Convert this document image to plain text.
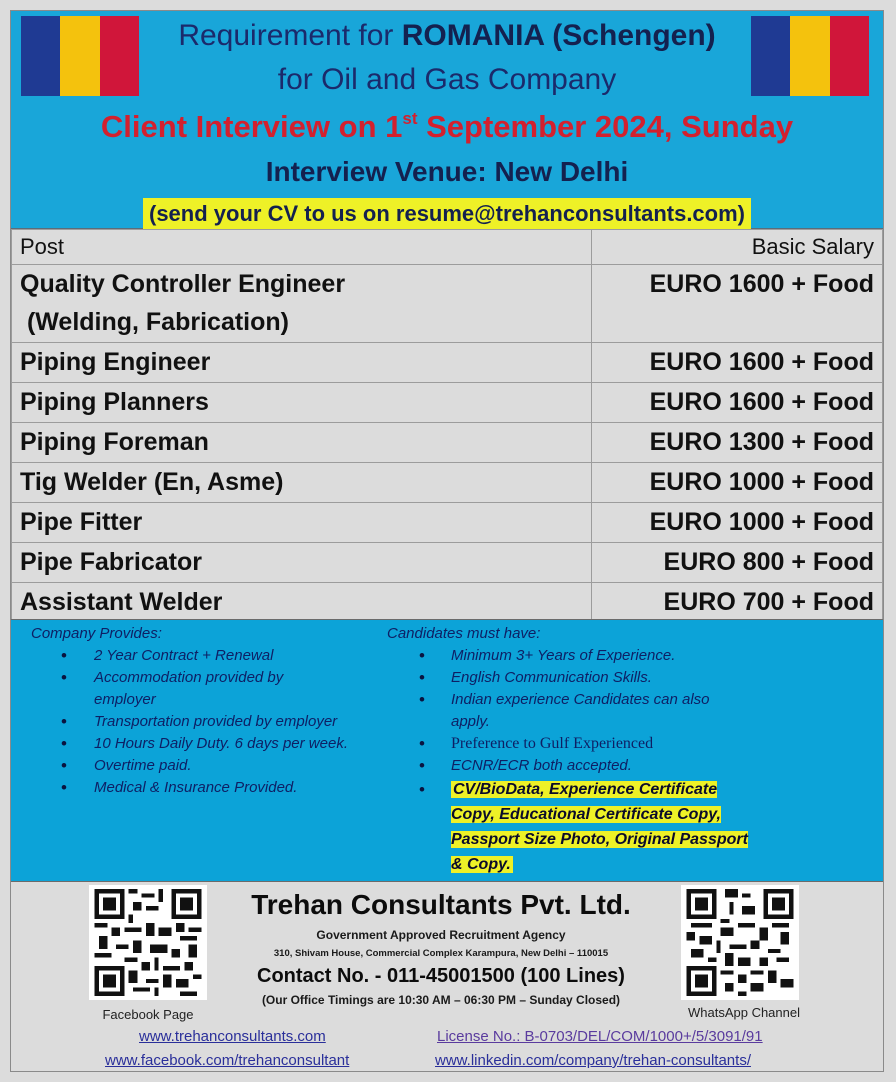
Requirement for ROMANIA (Schengen)
for Oil and Gas Company
Client Interview on 1st September 2024, Sunday
Interview Venue: New Delhi
(send your CV to us on resume@trehanconsultants.com)
Post	Basic Salary

Quality Controller Engineer
(Welding, Fabrication)	EURO 1600 + Food
Piping Engineer	EURO 1600 + Food
Piping Planners	EURO 1600 + Food
Piping Foreman	EURO 1300 + Food
Tig Welder (En, Asme)	EURO 1000 + Food
Pipe Fitter	EURO 1000 + Food
Pipe Fabricator	EURO 800 + Food
Assistant Welder	EURO 700 + Food
Company Provides:
• 2 Year Contract + Renewal
• Accommodation provided by employer
• Transportation provided by employer
• 10 Hours Daily Duty. 6 days per week.
• Overtime paid.
• Medical & Insurance Provided.
Candidates must have:
• Minimum 3+ Years of Experience.
• English Communication Skills.
• Indian experience Candidates can also apply.
• Preference to Gulf Experienced
• ECNR/ECR both accepted.
• CV/BioData, Experience Certificate Copy, Educational Certificate Copy, Passport Size Photo, Original Passport & Copy.
Facebook Page	WhatsApp Channel
Trehan Consultants Pvt. Ltd.
Government Approved Recruitment Agency
310, Shivam House, Commercial Complex Karampura, New Delhi – 110015
Contact No. - 011-45001500 (100 Lines)
(Our Office Timings are 10:30 AM – 06:30 PM – Sunday Closed)
www.trehanconsultants.com	License No.: B-0703/DEL/COM/1000+/5/3091/91
www.facebook.com/trehanconsultant	www.linkedin.com/company/trehan-consultants/
